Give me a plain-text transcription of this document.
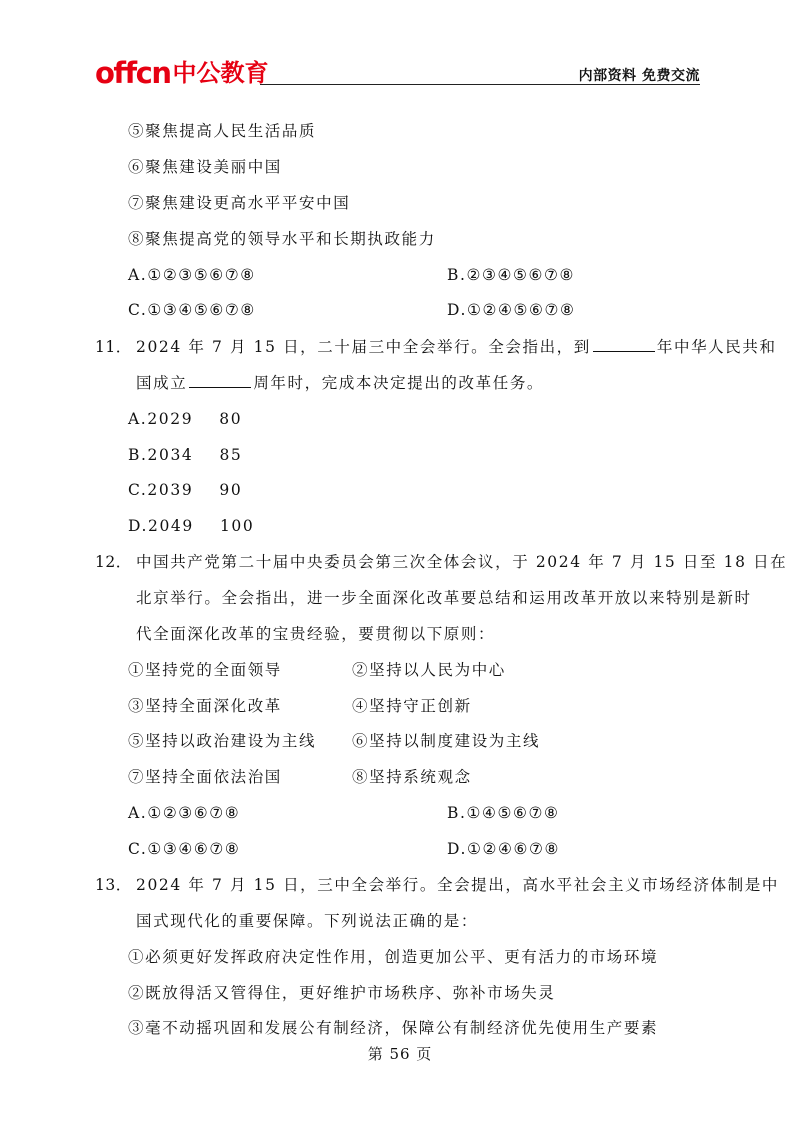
offcn 中公教育	内部资料 免费交流
⑤聚焦提高人民生活品质
⑥聚焦建设美丽中国
⑦聚焦建设更高水平平安中国
⑧聚焦提高党的领导水平和长期执政能力
A.①②③⑤⑥⑦⑧	B.②③④⑤⑥⑦⑧
C.①③④⑤⑥⑦⑧	D.①②④⑤⑥⑦⑧
11． 2024 年 7 月 15 日，二十届三中全会举行。全会指出，到	年中华人民共和
国成立	周年时，完成本决定提出的改革任务。
A.2029    80
B.2034    85
C.2039    90
D.2049    100
12． 中国共产党第二十届中央委员会第三次全体会议，于 2024 年 7 月 15 日至 18 日在
北京举行。全会指出，进一步全面深化改革要总结和运用改革开放以来特别是新时
代全面深化改革的宝贵经验，要贯彻以下原则：
①坚持党的全面领导	②坚持以人民为中心
③坚持全面深化改革	④坚持守正创新
⑤坚持以政治建设为主线 ⑥坚持以制度建设为主线
⑦坚持全面依法治国	⑧坚持系统观念
A.①②③⑥⑦⑧	B.①④⑤⑥⑦⑧
C.①③④⑥⑦⑧	D.①②④⑥⑦⑧
13． 2024 年 7 月 15 日，三中全会举行。全会提出，高水平社会主义市场经济体制是中
国式现代化的重要保障。下列说法正确的是：
①必须更好发挥政府决定性作用，创造更加公平、更有活力的市场环境
②既放得活又管得住，更好维护市场秩序、弥补市场失灵
③毫不动摇巩固和发展公有制经济，保障公有制经济优先使用生产要素
第 56 页
